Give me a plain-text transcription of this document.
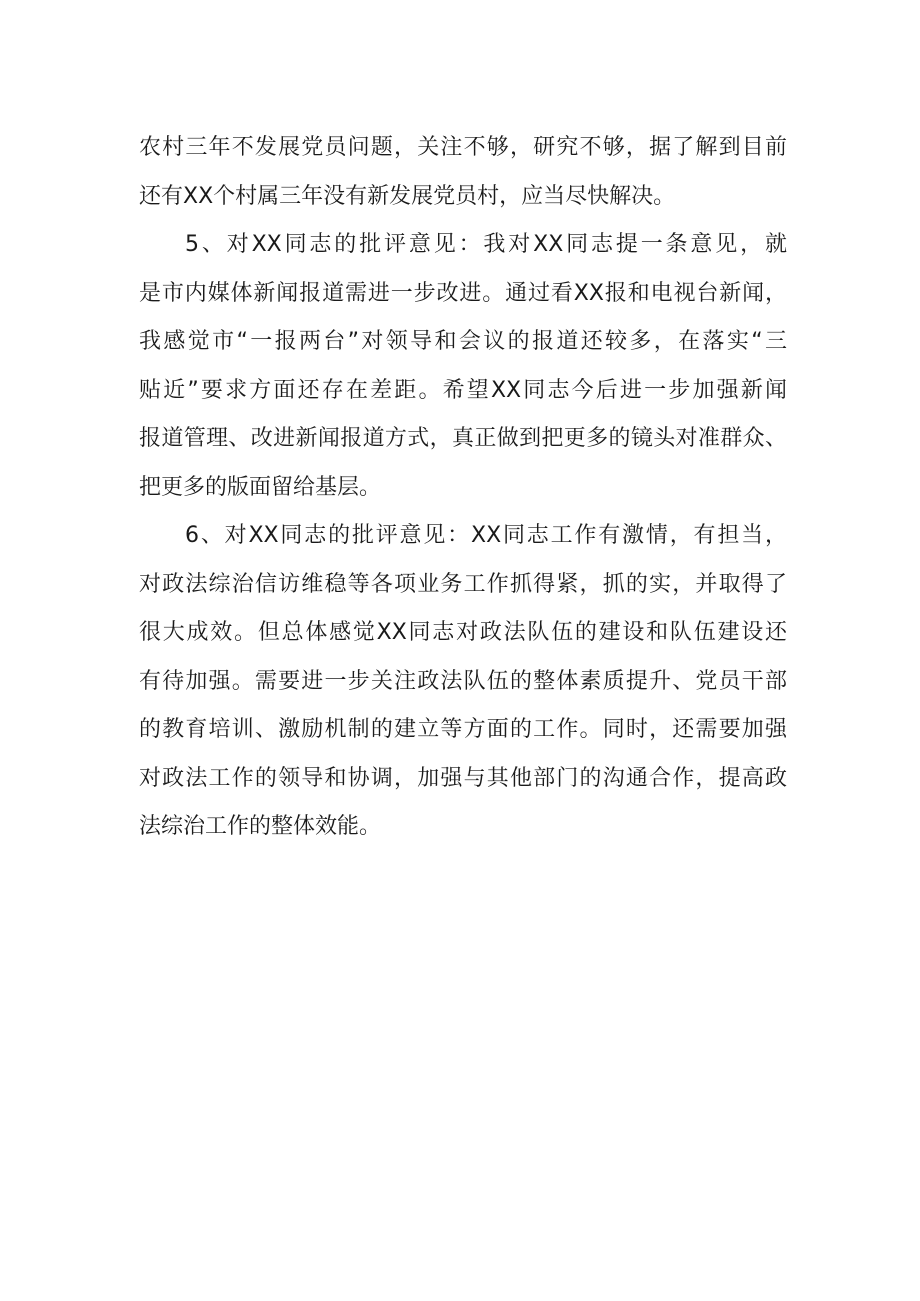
农村三年不发展党员问题，关注不够，研究不够，据了解到目前
还有XX个村属三年没有新发展党员村，应当尽快解决。
5、对XX同志的批评意见：我对XX同志提一条意见，就
是市内媒体新闻报道需进一步改进。通过看XX报和电视台新闻，
我感觉市“一报两台”对领导和会议的报道还较多，在落实“三
贴近”要求方面还存在差距。希望XX同志今后进一步加强新闻
报道管理、改进新闻报道方式，真正做到把更多的镜头对准群众、
把更多的版面留给基层。
6、对XX同志的批评意见：XX同志工作有激情，有担当，
对政法综治信访维稳等各项业务工作抓得紧，抓的实，并取得了
很大成效。但总体感觉XX同志对政法队伍的建设和队伍建设还
有待加强。需要进一步关注政法队伍的整体素质提升、党员干部
的教育培训、激励机制的建立等方面的工作。同时，还需要加强
对政法工作的领导和协调，加强与其他部门的沟通合作，提高政
法综治工作的整体效能。
